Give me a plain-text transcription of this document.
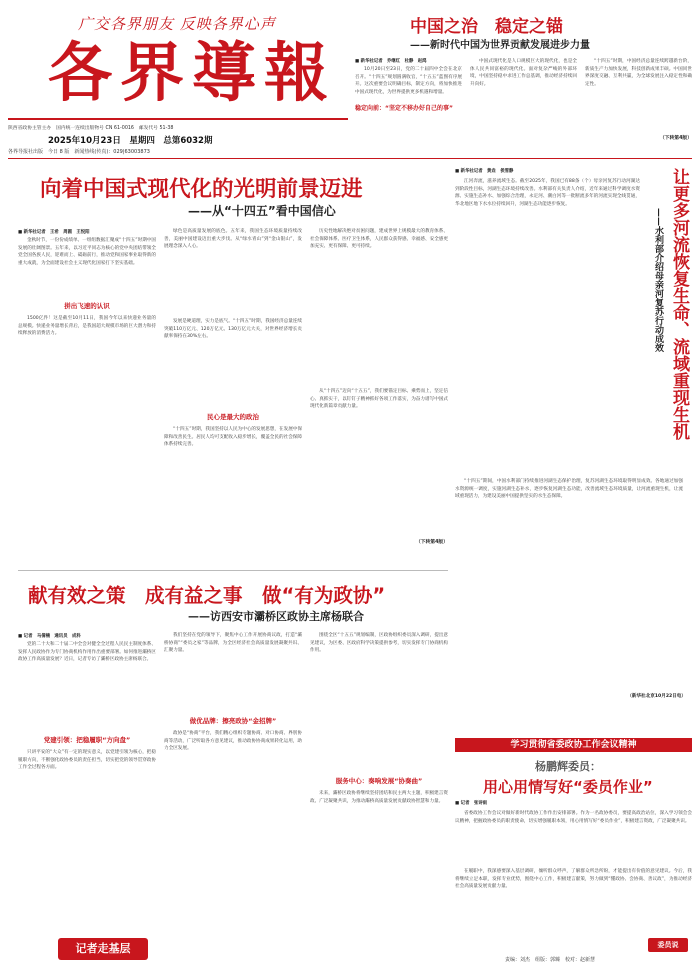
广交各界朋友 反映各界心声
各界導報
陕西省政协主管主办　国内统一连续出版物号 CN 61-0016　邮发代号 51-38
2025年10月23日　星期四　总第6032期
各界导报社出版　今日 8 版　新闻热线(传真)：029|63003873
中国之治　稳定之锚
——新时代中国为世界贡献发展进步力量
■ 新华社记者　乔继红　杜静　赵鸿
10月20日至23日，党的二十届四中全会在北京召开。“十四五”规划圆满收官，“十五五”蓝图有序展开。这次重要会议明确目标，制定方向，将加快推进中国式现代化，为世界提供更多机遇和增量。
稳定向前：“坚定不移办好自己的事”
中国式现代化是人口规模巨大的现代化，也是全体人民共同富裕的现代化。面对复杂严峻的外部环境，中国坚持稳中求进工作总基调，推动经济持续回升向好。
“十四五”时期，中国经济总量连续跨越新台阶，新质生产力加快发展，科技创新成果丰硕。中国同世界深度交融、互利共赢，为全球发展注入稳定性和确定性。
（下转第4版）
向着中国式现代化的光明前景迈进
——从“十四五”看中国信心
■ 新华社记者　王希　周圆　王悦阳
金秋时节，一份份成绩单、一组组数据汇聚成“十四五”时期中国发展的壮阔图景。五年来，以习近平同志为核心的党中央团结带领全党全国各族人民，迎难而上、砥砺前行，推动党和国家事业取得新的重大成就，为全面建设社会主义现代化国家打下坚实基础。
拼出飞速的认识
1500亿件！这是截至10月11日，我国今年以来快递业务量的总规模。快递业务量增长背后，是我国超大规模市场的巨大潜力和持续释放的消费活力。
绿色是高质量发展的底色。五年来，我国生态环境质量持续改善，美丽中国建设迈出重大步伐。从“绿水青山”到“金山银山”，发展理念深入人心。
发展是硬道理，实力是底气。“十四五”时期，我国经济总量连续突破110万亿元、120万亿元、130万亿元大关，对世界经济增长贡献率保持在30%左右。
民心是最大的政治
“十四五”时期，我国坚持以人民为中心的发展思想，在发展中保障和改善民生。居民人均可支配收入稳步增长，覆盖全民的社会保障体系持续完善。
历史性地解决绝对贫困问题，建成世界上规模最大的教育体系、社会保障体系、医疗卫生体系，人民群众获得感、幸福感、安全感更加充实、更有保障、更可持续。
从“十四五”迈向“十五五”，我们要锚定目标、乘势而上，坚定信心、真抓实干，以钉钉子精神抓好各项工作落实，为奋力谱写中国式现代化新篇章贡献力量。
（下转第4版）
献有效之策　成有益之事　做“有为政协”
——访西安市灞桥区政协主席杨联合
■ 记者　马倩楠　通讯员　成科
党的二十大和二十届二中全会对健全全过程人民民主制度体系、发挥人民政协作为专门协商机构作用作出重要部署。如何推进灞桥区政协工作高质量发展？近日，记者专访了灞桥区政协主席杨联合。
党建引领：把稳履职“方向盘”
只讲平安的“大众”有一定的现实意义，以党建引领为核心，把稳履职方向，不断强化政协委员的责任担当，切实把党的领导贯穿政协工作全过程各方面。
我们坚持在党的领导下，聚焦中心工作开展协商议政，打造“灞桥协商”“委员之家”等品牌，为全区经济社会高质量发展凝聚共识、汇聚力量。
做优品牌：擦亮政协“金招牌”
政协是“协商”平台，我们精心组织专题协商、对口协商、界别协商等活动，广泛听取各方意见建议，推动政协协商成果转化运用，助力全区发展。
围绕全区“十五五”规划编制，区政协组织委员深入调研，提出意见建议，为区委、区政府科学决策提供参考，切实发挥专门协商机构作用。
服务中心：奏响发展“协奏曲”
未来，灞桥区政协将继续坚持团结和民主两大主题，积极建言资政、广泛凝聚共识，为推动灞桥高质量发展贡献政协智慧和力量。
记者走基层
让更多河流恢复生命、流域重现生机
——水利部介绍母亲河复苏行动成效
■ 新华社记者　黄垚　侯雪静
江河奔流，滋养流域生态。截至2025年，我国已有88条（个）母亲河复苏行动河湖达到阶段性目标，河湖生态环境持续改善。水利部有关负责人介绍，近年来通过科学调度水资源、实施生态补水、加强综合治理，永定河、潮白河等一批断流多年的河流实现全线贯通，华北地区地下水水位持续回升，河湖生态功能逐步恢复。
“十四五”期间，中国水利部门持续推进河湖生态保护治理，复苏河湖生态环境取得明显成效。各地通过加强水资源统一调度，实施河湖生态补水，逐步恢复河湖生态功能，改善流域生态环境质量，让河流重现生机，让流域重现活力，为建设美丽中国提供坚实的水生态保障。
（新华社北京10月22日电）
学习贯彻省委政协工作会议精神
杨鹏辉委员：
用心用情写好“委员作业”
■ 记者　张诗雨
省委政协工作会议对做好新时代政协工作作出安排部署。作为一名政协委员，要提高政治站位，深入学习领会会议精神，把握政协委员的职责使命，切实增强履职本领，用心用情写好“委员作业”，积极建言资政，广泛凝聚共识。
在履职中，我深感要深入基层调研，倾听群众呼声，了解群众所急所盼，才能提出有价值的意见建议。今后，我将继续立足本职，发挥专业优势，围绕中心工作，积极建言献策，努力做到“懂政协、会协商、善议政”，为推动经济社会高质量发展贡献力量。
委员说
责编：刘杰　组版：郭臻　校对：赵新慧
